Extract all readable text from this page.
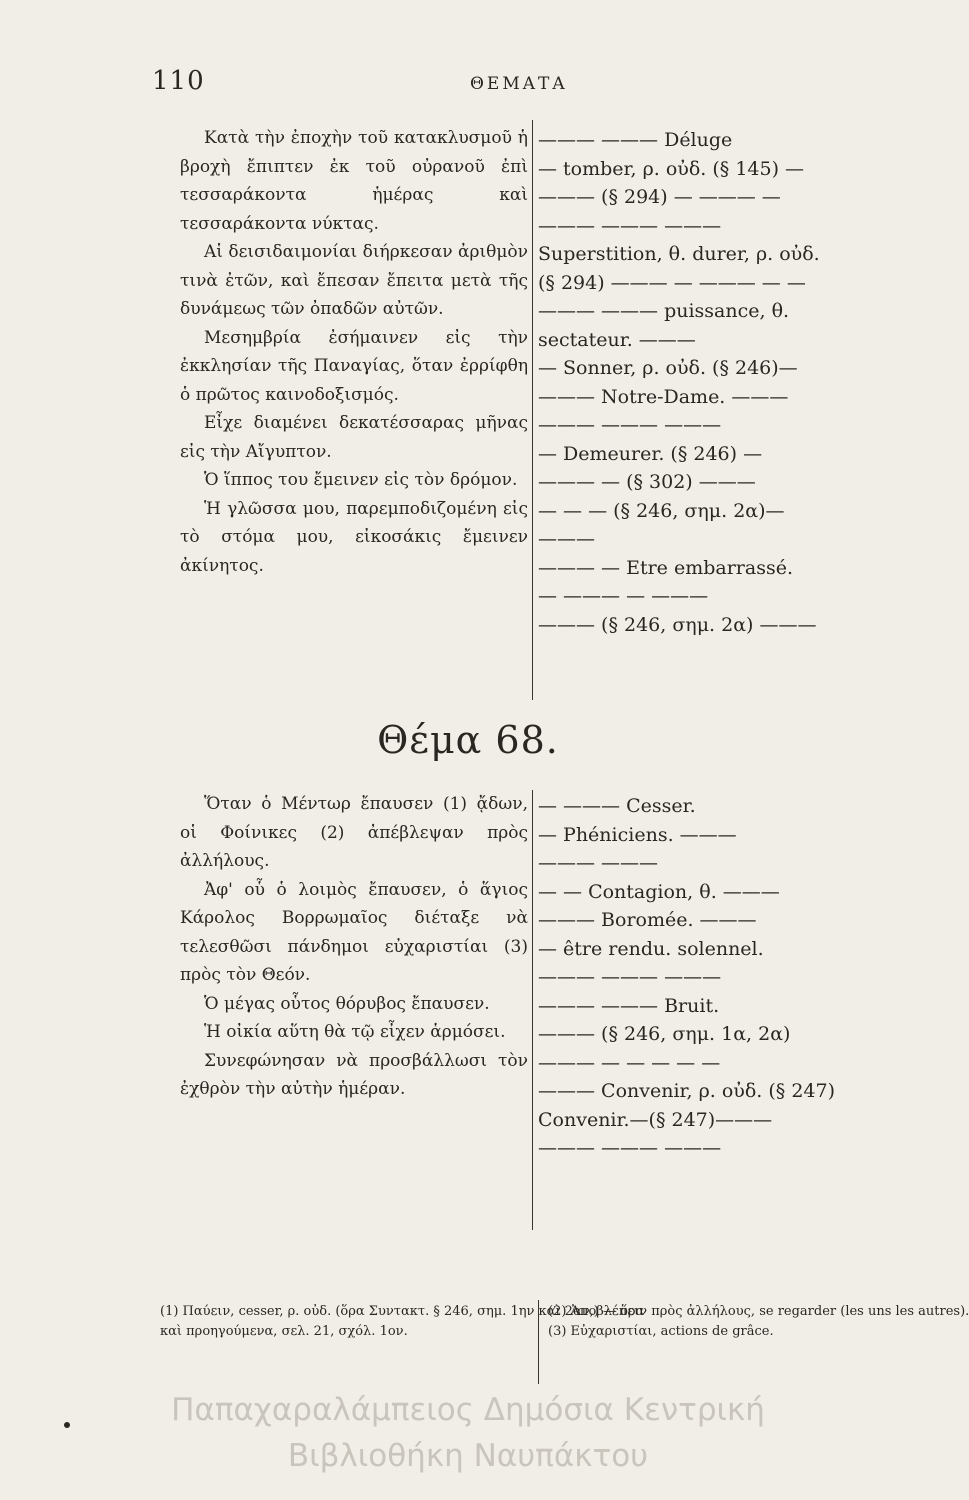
110	ΘΕΜΑΤΑ

Κατὰ τὴν ἐποχὴν τοῦ κατακλυσμοῦ ἡ βροχὴ ἔπιπτεν ἐκ τοῦ οὐρανοῦ ἐπὶ τεσσαράκοντα ἡμέρας καὶ τεσσαράκοντα νύκτας.

Αἱ δεισιδαιμονίαι διήρκεσαν ἀριθμὸν τινὰ ἐτῶν, καὶ ἔπεσαν ἔπειτα μετὰ τῆς δυνάμεως τῶν ὀπαδῶν αὐτῶν.

Μεσημβρία ἐσήμαινεν εἰς τὴν ἐκκλησίαν τῆς Παναγίας, ὅταν ἐρρίφθη ὁ πρῶτος καινοδοξισμός.

Εἶχε διαμένει δεκατέσσαρας μῆνας εἰς τὴν Αἴγυπτον.

Ὁ ἵππος του ἔμεινεν εἰς τὸν δρόμον.

Ἡ γλῶσσα μου, παρεμποδιζομένη εἰς τὸ στόμα μου, εἰκοσάκις ἔμεινεν ἀκίνητος.

——— ——— Déluge
— tomber, ρ. οὐδ. (§ 145) —
——— (§ 294) — ——— —
——— ——— ———
Superstition, θ. durer, ρ. οὐδ.
(§ 294) ——— — ——— — —
——— ——— puissance, θ.
sectateur. ———
— Sonner, ρ. οὐδ. (§ 246)—
——— Notre-Dame. ———
——— ——— ———
— Demeurer. (§ 246) —
——— — (§ 302) ———
— — — (§ 246, σημ. 2α)—
———
——— — Etre embarrassé.
— ——— — ———
——— (§ 246, σημ. 2α) ———
Θέμα 68.

Ὅταν ὁ Μέντωρ ἔπαυσεν (1) ᾄδων, οἱ Φοίνικες (2) ἀπέβλεψαν πρὸς ἀλλήλους.

Ἀφ' οὗ ὁ λοιμὸς ἔπαυσεν, ὁ ἅγιος Κάρολος Βορρωμαῖος διέταξε νὰ τελεσθῶσι πάνδημοι εὐχαριστίαι (3) πρὸς τὸν Θεόν.

Ὁ μέγας οὗτος θόρυβος ἔπαυσεν.

Ἡ οἰκία αὕτη θὰ τῷ εἶχεν ἁρμόσει.

Συνεφώνησαν νὰ προσβάλλωσι τὸν ἐχθρὸν τὴν αὐτὴν ἡμέραν.

— ——— Cesser.
— Phéniciens. ———
——— ———
— — Contagion, θ. ———
——— Boromée. ———
— être rendu. solennel.
——— ——— ———
——— ——— Bruit.
——— (§ 246, σημ. 1α, 2α)
——— — — — — —
——— Convenir, ρ. οὐδ. (§ 247)
Convenir.—(§ 247)———
——— ——— ———
(1) Παύειν, cesser, ρ. οὐδ. (ὅρα Συντακτ. § 246, σημ. 1ην καὶ 2αν,) — ὅρα
καὶ προηγούμενα, σελ. 21, σχόλ. 1ον.
(2) Ἀποβλέπειν πρὸς ἀλλήλους, se regarder (les uns les autres).
(3) Εὐχαριστίαι, actions de grâce.
Παπαχαραλάμπειος Δημόσια Κεντρική
Βιβλιοθήκη Ναυπάκτου
